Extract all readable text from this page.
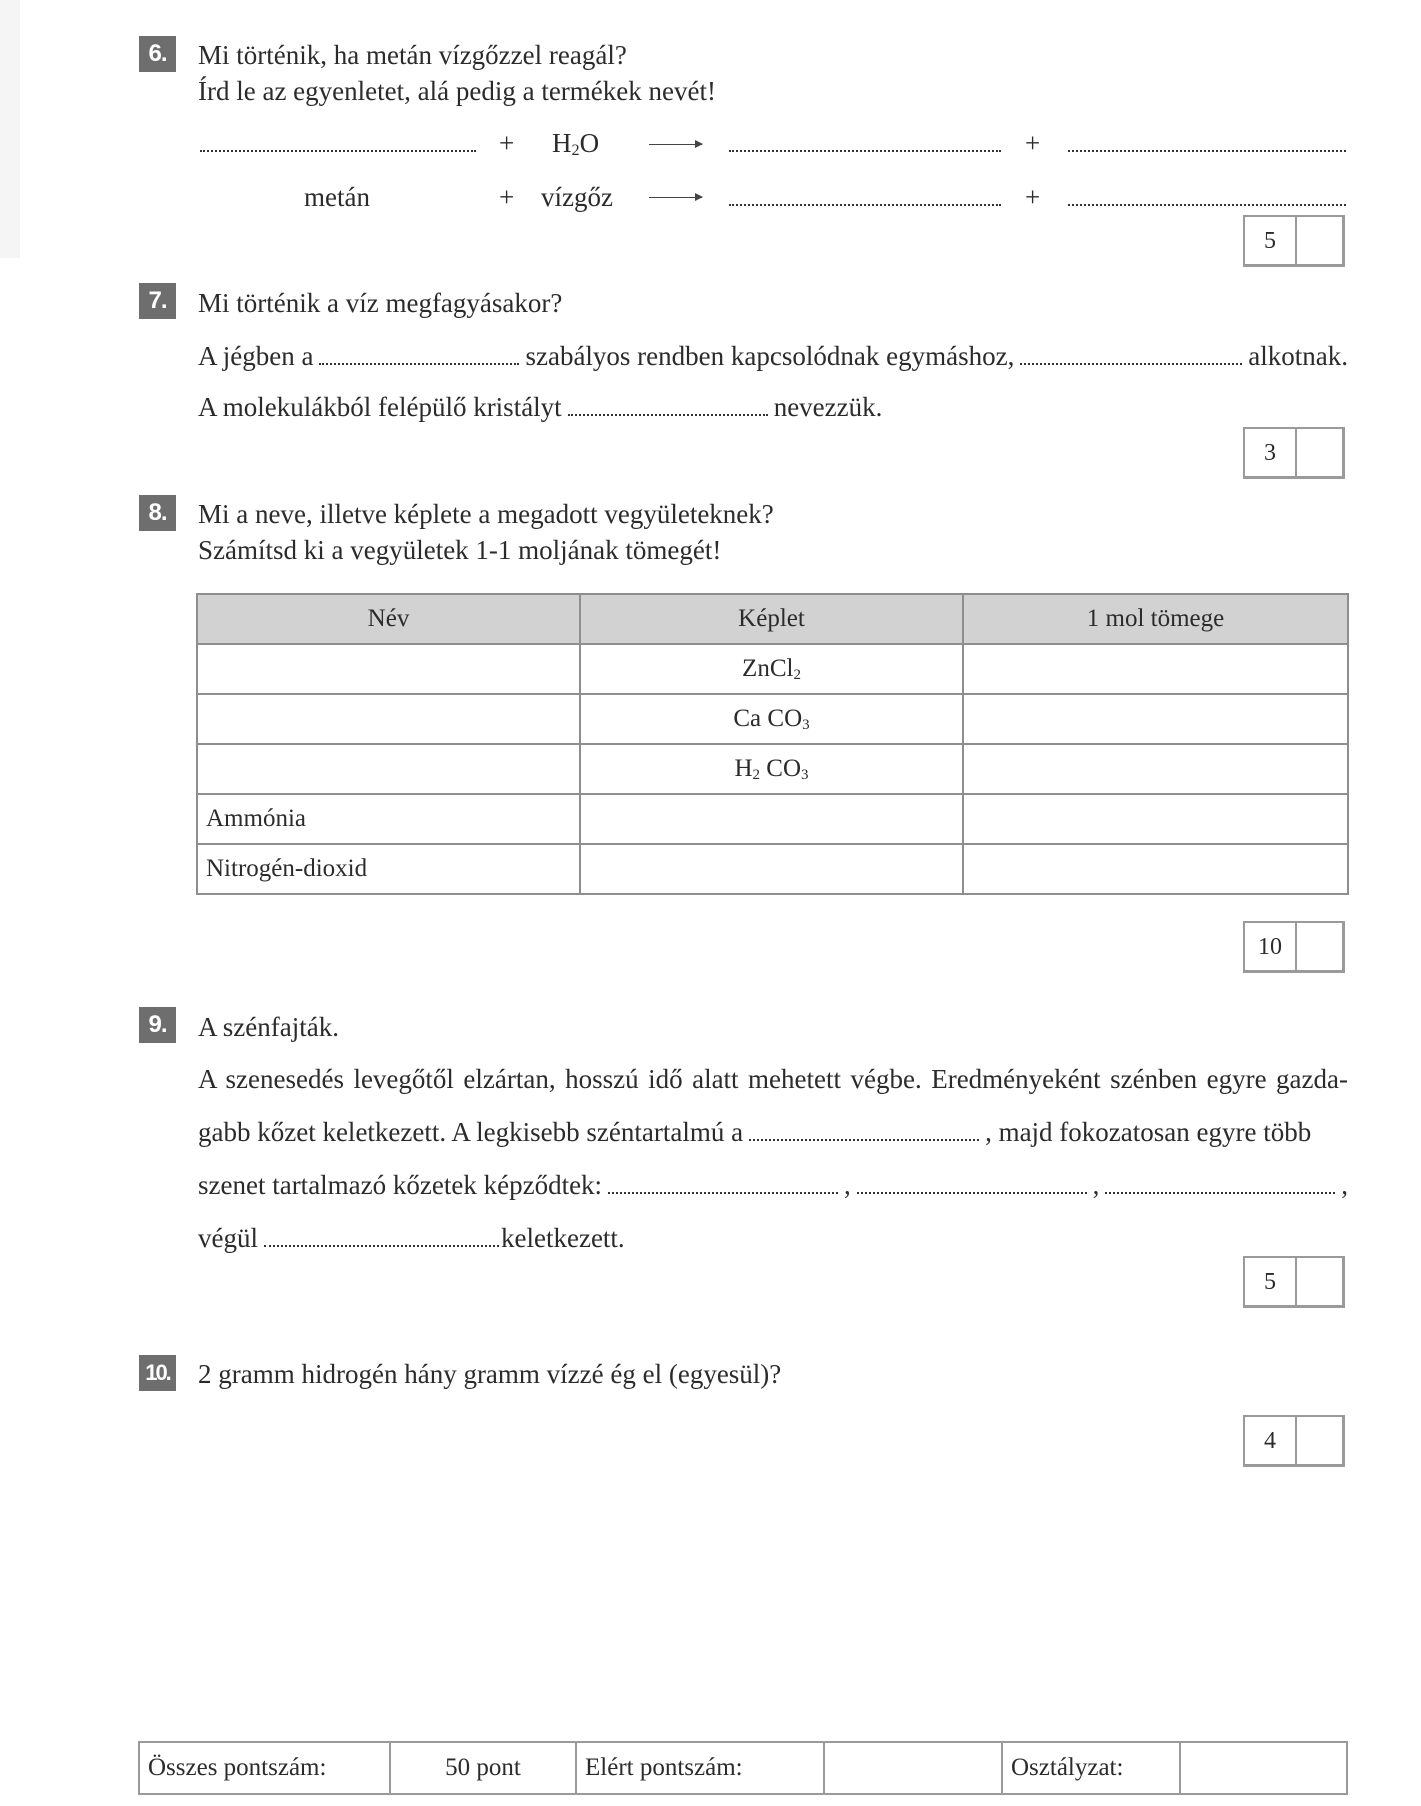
6.	Mi történik, ha metán vízgőzzel reagál?
Írd le az egyenletet, alá pedig a termékek nevét!
+ $H_2O$	+
metán	+ vízgőz	+
5
7.	Mi történik a víz megfagyásakor?
A jégben a	szabályos rendben kapcsolódnak egymáshoz,	alkotnak.
A molekulákból felépülő kristályt	nevezzük.
3
8.	Mi a neve, illetve képlete a megadott vegyületeknek?
Számítsd ki a vegyületek 1-1 moljának tömegét!
Név	Képlet	1 mol tömege
	ZnCl$_2$	
	Ca $CO_3$	
	$H_2$ $CO_3$	
Ammónia		
Nitrogén-dioxid		
10
9.	A szénfajták.
A szenesedés levegőtől elzártan, hosszú idő alatt mehetett végbe. Eredményeként szénben egyre gazda-
gabb kőzet keletkezett. A legkisebb széntartalmú a	, majd fokozatosan egyre több
szenet tartalmazó kőzetek képződtek:	,	,	,
végül	keletkezett.
5
10. 2 gramm hidrogén hány gramm vízzé ég el (egyesül)?
4
Összes pontszám:	50 pont	Elért pontszám:		Osztályzat:	
